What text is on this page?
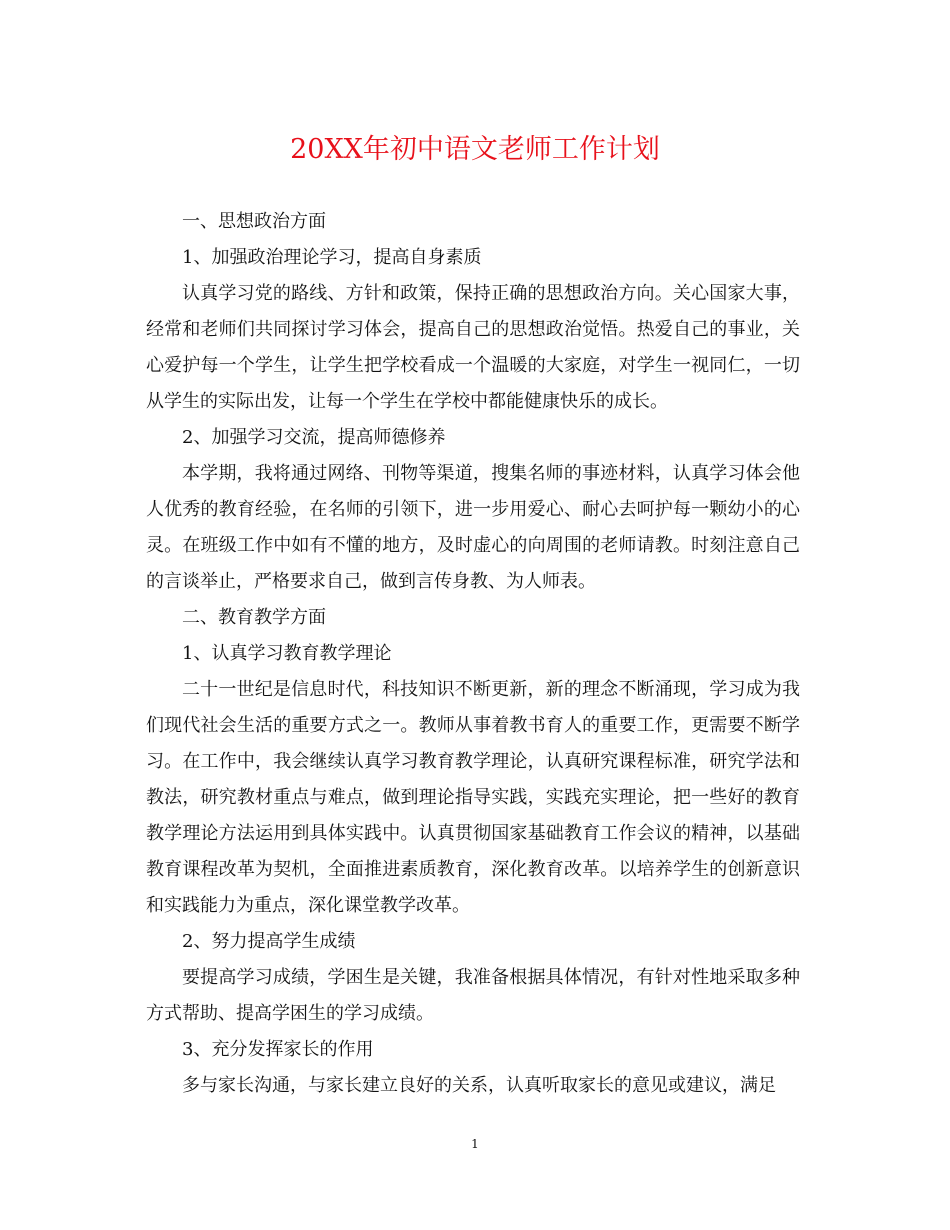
20XX年初中语文老师工作计划

一、思想政治方面

1、加强政治理论学习，提高自身素质

认真学习党的路线、方针和政策，保持正确的思想政治方向。关心国家大事，经常和老师们共同探讨学习体会，提高自己的思想政治觉悟。热爱自己的事业，关心爱护每一个学生，让学生把学校看成一个温暖的大家庭，对学生一视同仁，一切从学生的实际出发，让每一个学生在学校中都能健康快乐的成长。

2、加强学习交流，提高师德修养

本学期，我将通过网络、刊物等渠道，搜集名师的事迹材料，认真学习体会他人优秀的教育经验，在名师的引领下，进一步用爱心、耐心去呵护每一颗幼小的心灵。在班级工作中如有不懂的地方，及时虚心的向周围的老师请教。时刻注意自己的言谈举止，严格要求自己，做到言传身教、为人师表。

二、教育教学方面

1、认真学习教育教学理论

二十一世纪是信息时代，科技知识不断更新，新的理念不断涌现，学习成为我们现代社会生活的重要方式之一。教师从事着教书育人的重要工作，更需要不断学习。在工作中，我会继续认真学习教育教学理论，认真研究课程标准，研究学法和教法，研究教材重点与难点，做到理论指导实践，实践充实理论，把一些好的教育教学理论方法运用到具体实践中。认真贯彻国家基础教育工作会议的精神，以基础教育课程改革为契机，全面推进素质教育，深化教育改革。以培养学生的创新意识和实践能力为重点，深化课堂教学改革。

2、努力提高学生成绩

要提高学习成绩，学困生是关键，我准备根据具体情况，有针对性地采取多种方式帮助、提高学困生的学习成绩。

3、充分发挥家长的作用

多与家长沟通，与家长建立良好的关系，认真听取家长的意见或建议，满足

1
